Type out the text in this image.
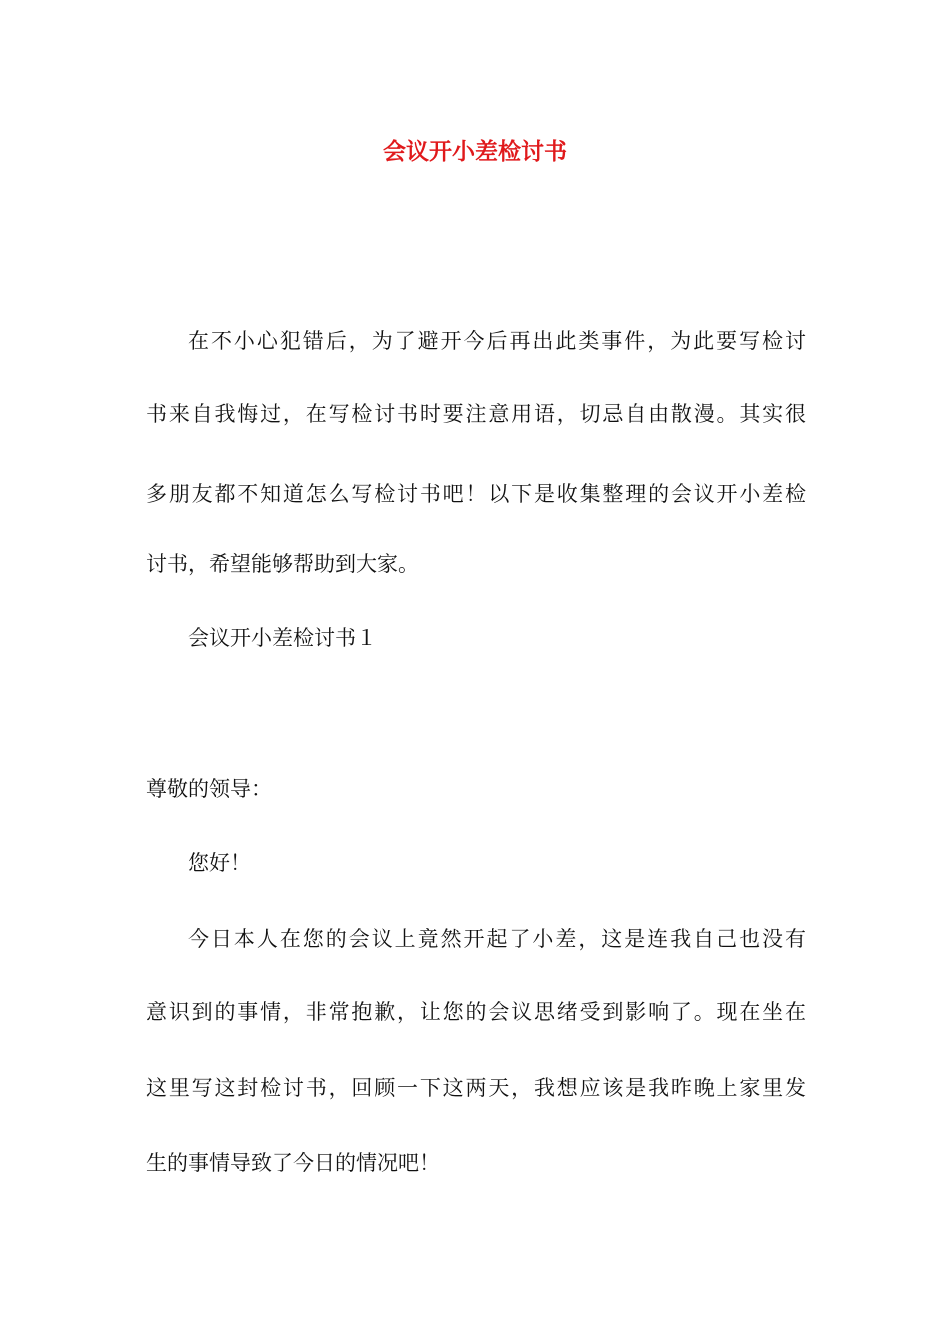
会议开小差检讨书
在不小心犯错后，为了避开今后再出此类事件，为此要写检讨
书来自我悔过，在写检讨书时要注意用语，切忌自由散漫。其实很
多朋友都不知道怎么写检讨书吧！以下是收集整理的会议开小差检
讨书，希望能够帮助到大家。
会议开小差检讨书１
尊敬的领导：
您好！
今日本人在您的会议上竟然开起了小差，这是连我自己也没有
意识到的事情，非常抱歉，让您的会议思绪受到影响了。现在坐在
这里写这封检讨书，回顾一下这两天，我想应该是我昨晚上家里发
生的事情导致了今日的情况吧！
